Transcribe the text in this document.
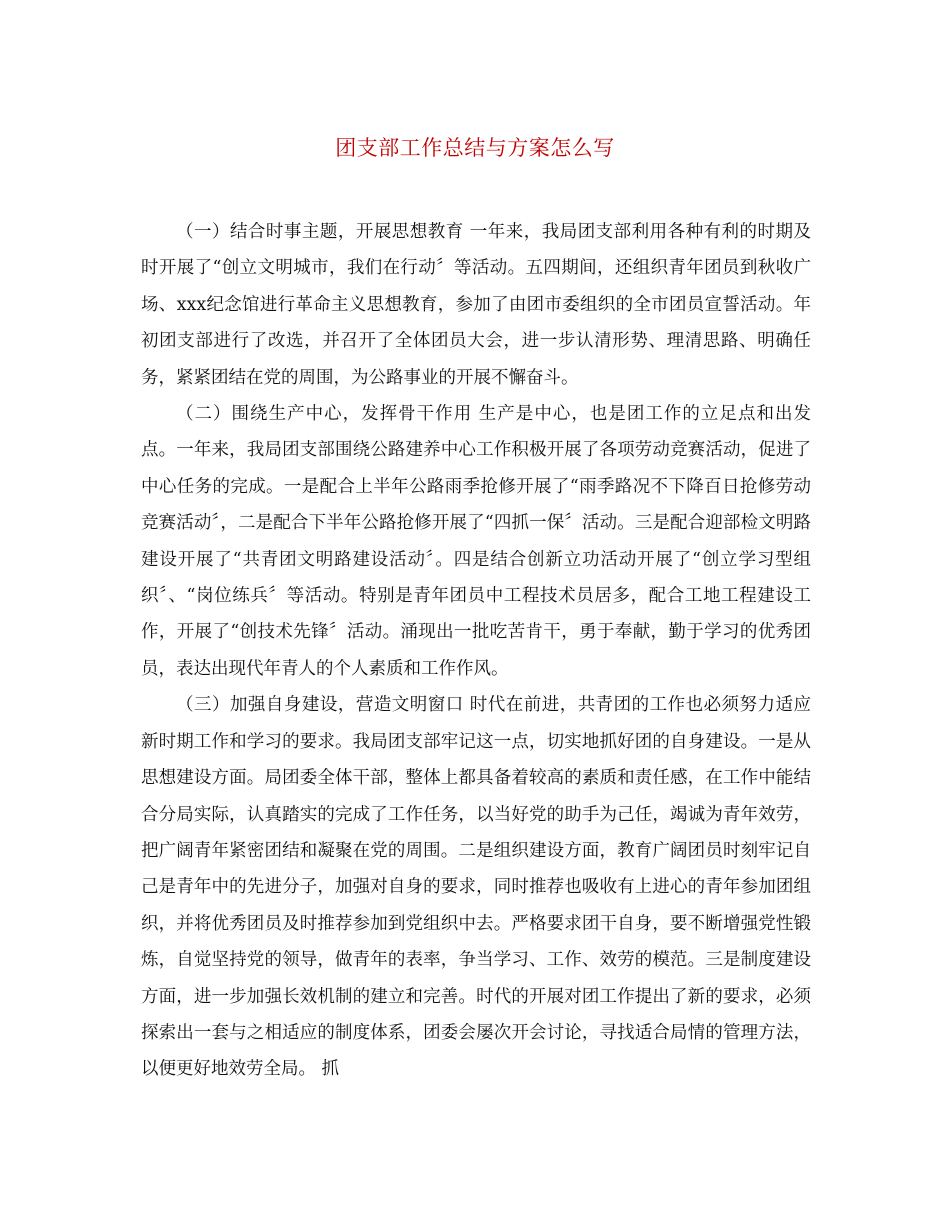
团支部工作总结与方案怎么写

（一）结合时事主题，开展思想教育 一年来，我局团支部利用各种有利的时期及时开展了“创立文明城市，我们在行动〞等活动。五四期间，还组织青年团员到秋收广场、xxx纪念馆进行革命主义思想教育，参加了由团市委组织的全市团员宣誓活动。年初团支部进行了改选，并召开了全体团员大会，进一步认清形势、理清思路、明确任务，紧紧团结在党的周围，为公路事业的开展不懈奋斗。

（二）围绕生产中心，发挥骨干作用 生产是中心，也是团工作的立足点和出发点。一年来，我局团支部围绕公路建养中心工作积极开展了各项劳动竞赛活动，促进了中心任务的完成。一是配合上半年公路雨季抢修开展了“雨季路况不下降百日抢修劳动竞赛活动〞，二是配合下半年公路抢修开展了“四抓一保〞活动。三是配合迎部检文明路建设开展了“共青团文明路建设活动〞。四是结合创新立功活动开展了“创立学习型组织〞、“岗位练兵〞等活动。特别是青年团员中工程技术员居多，配合工地工程建设工作，开展了“创技术先锋〞活动。涌现出一批吃苦肯干，勇于奉献，勤于学习的优秀团员，表达出现代年青人的个人素质和工作作风。

（三）加强自身建设，营造文明窗口 时代在前进，共青团的工作也必须努力适应新时期工作和学习的要求。我局团支部牢记这一点，切实地抓好团的自身建设。一是从思想建设方面。局团委全体干部，整体上都具备着较高的素质和责任感，在工作中能结合分局实际，认真踏实的完成了工作任务，以当好党的助手为己任，竭诚为青年效劳，把广阔青年紧密团结和凝聚在党的周围。二是组织建设方面，教育广阔团员时刻牢记自己是青年中的先进分子，加强对自身的要求，同时推荐也吸收有上进心的青年参加团组织，并将优秀团员及时推荐参加到党组织中去。严格要求团干自身，要不断增强党性锻炼，自觉坚持党的领导，做青年的表率，争当学习、工作、效劳的模范。三是制度建设方面，进一步加强长效机制的建立和完善。时代的开展对团工作提出了新的要求，必须探索出一套与之相适应的制度体系，团委会屡次开会讨论，寻找适合局情的管理方法，以便更好地效劳全局。 抓
